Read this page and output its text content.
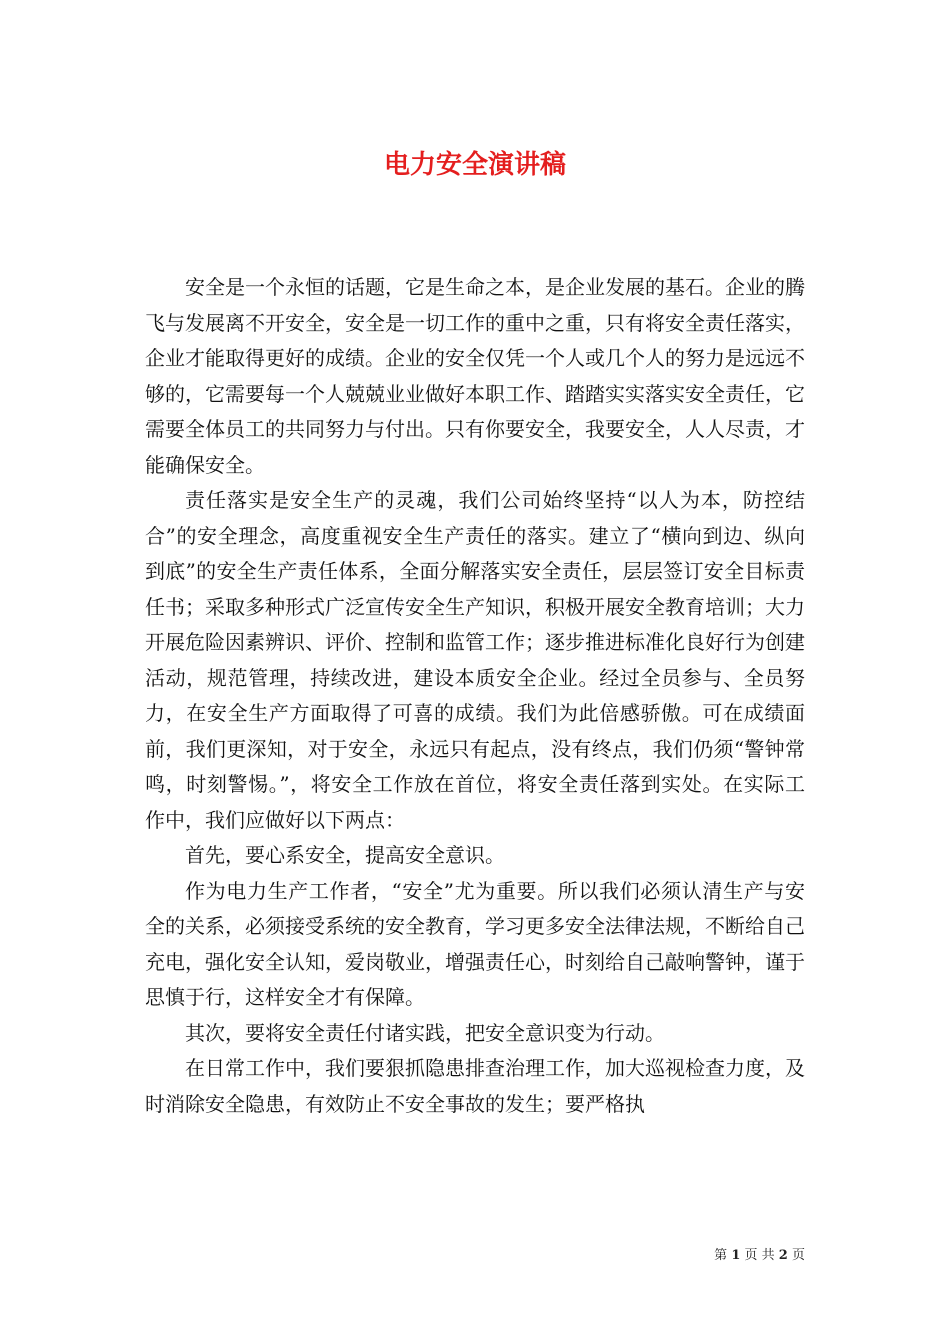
电力安全演讲稿

安全是一个永恒的话题，它是生命之本，是企业发展的基石。企业的腾飞与发展离不开安全，安全是一切工作的重中之重，只有将安全责任落实，企业才能取得更好的成绩。企业的安全仅凭一个人或几个人的努力是远远不够的，它需要每一个人兢兢业业做好本职工作、踏踏实实落实安全责任，它需要全体员工的共同努力与付出。只有你要安全，我要安全，人人尽责，才能确保安全。

责任落实是安全生产的灵魂，我们公司始终坚持“以人为本，防控结合”的安全理念，高度重视安全生产责任的落实。建立了“横向到边、纵向到底”的安全生产责任体系，全面分解落实安全责任，层层签订安全目标责任书；采取多种形式广泛宣传安全生产知识，积极开展安全教育培训；大力开展危险因素辨识、评价、控制和监管工作；逐步推进标准化良好行为创建活动，规范管理，持续改进，建设本质安全企业。经过全员参与、全员努力，在安全生产方面取得了可喜的成绩。我们为此倍感骄傲。可在成绩面前，我们更深知，对于安全，永远只有起点，没有终点，我们仍须“警钟常鸣，时刻警惕。”，将安全工作放在首位，将安全责任落到实处。在实际工作中，我们应做好以下两点：

首先，要心系安全，提高安全意识。

作为电力生产工作者，“安全”尤为重要。所以我们必须认清生产与安全的关系，必须接受系统的安全教育，学习更多安全法律法规，不断给自己充电，强化安全认知，爱岗敬业，增强责任心，时刻给自己敲响警钟，谨于思慎于行，这样安全才有保障。

其次，要将安全责任付诸实践，把安全意识变为行动。

在日常工作中，我们要狠抓隐患排查治理工作，加大巡视检查力度，及时消除安全隐患，有效防止不安全事故的发生；要严格执

第 1 页 共 2 页
